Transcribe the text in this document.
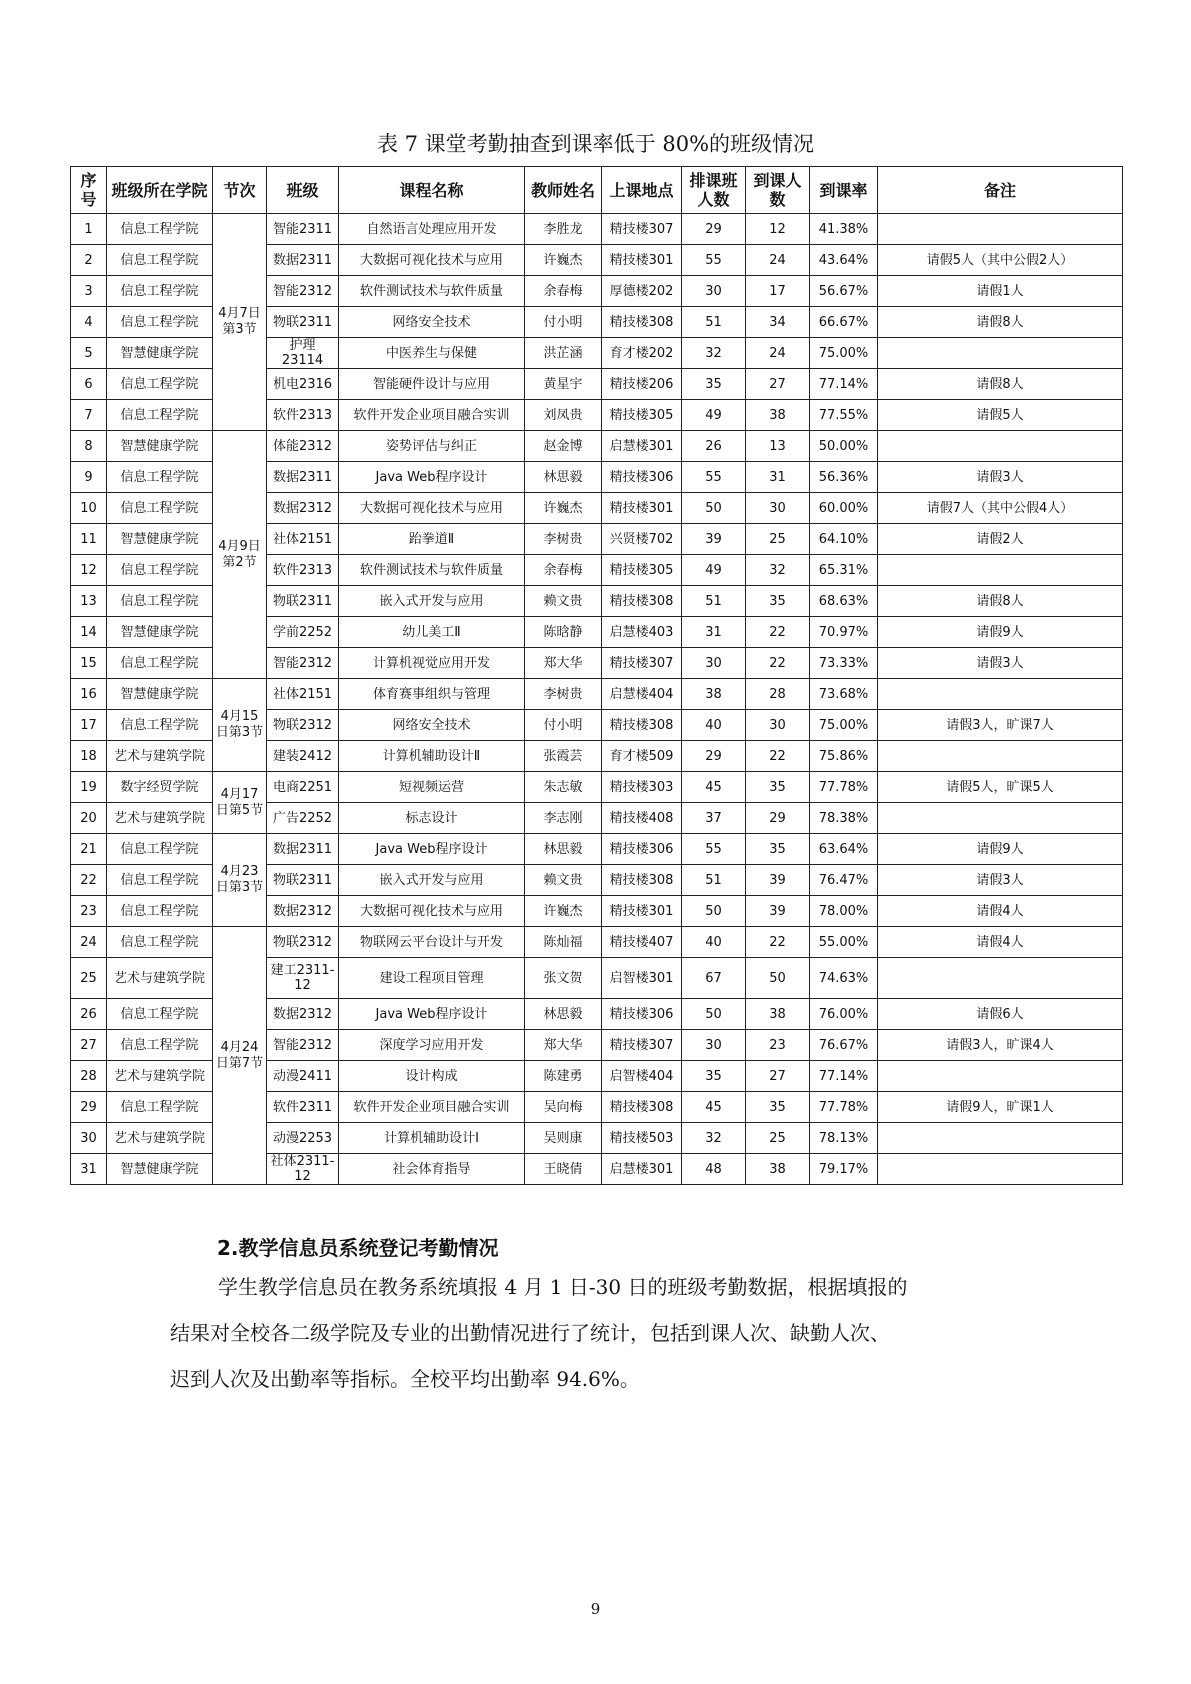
表 7 课堂考勤抽查到课率低于 80%的班级情况
序号	班级所在学院	节次	班级	课程名称	教师姓名	上课地点	排课班人数	到课人数	到课率	备注
1	信息工程学院	4月7日第3节	智能2311	自然语言处理应用开发	李胜龙	精技楼307	29	12	41.38%	
2	信息工程学院		数据2311	大数据可视化技术与应用	许巍杰	精技楼301	55	24	43.64%	请假5人（其中公假2人）
3	信息工程学院		智能2312	软件测试技术与软件质量	余春梅	厚德楼202	30	17	56.67%	请假1人
4	信息工程学院		物联2311	网络安全技术	付小明	精技楼308	51	34	66.67%	请假8人
5	智慧健康学院		护理23114	中医养生与保健	洪芷涵	育才楼202	32	24	75.00%	
6	信息工程学院		机电2316	智能硬件设计与应用	黄星宇	精技楼206	35	27	77.14%	请假8人
7	信息工程学院		软件2313	软件开发企业项目融合实训	刘凤贵	精技楼305	49	38	77.55%	请假5人
8	智慧健康学院	4月9日第2节	体能2312	姿势评估与纠正	赵金博	启慧楼301	26	13	50.00%	
9	信息工程学院		数据2311	Java Web程序设计	林思毅	精技楼306	55	31	56.36%	请假3人
10	信息工程学院		数据2312	大数据可视化技术与应用	许巍杰	精技楼301	50	30	60.00%	请假7人（其中公假4人）
11	智慧健康学院		社体2151	跆拳道Ⅱ	李树贵	兴贤楼702	39	25	64.10%	请假2人
12	信息工程学院		软件2313	软件测试技术与软件质量	余春梅	精技楼305	49	32	65.31%	
13	信息工程学院		物联2311	嵌入式开发与应用	赖文贵	精技楼308	51	35	68.63%	请假8人
14	智慧健康学院		学前2252	幼儿美工Ⅱ	陈晗静	启慧楼403	31	22	70.97%	请假9人
15	信息工程学院		智能2312	计算机视觉应用开发	郑大华	精技楼307	30	22	73.33%	请假3人
16	智慧健康学院	4月15日第3节	社体2151	体育赛事组织与管理	李树贵	启慧楼404	38	28	73.68%	
17	信息工程学院		物联2312	网络安全技术	付小明	精技楼308	40	30	75.00%	请假3人，旷课7人
18	艺术与建筑学院		建装2412	计算机辅助设计Ⅱ	张霞芸	育才楼509	29	22	75.86%	
19	数字经贸学院	4月17日第5节	电商2251	短视频运营	朱志敏	精技楼303	45	35	77.78%	请假5人，旷课5人
20	艺术与建筑学院		广告2252	标志设计	李志刚	精技楼408	37	29	78.38%	
21	信息工程学院	4月23日第3节	数据2311	Java Web程序设计	林思毅	精技楼306	55	35	63.64%	请假9人
22	信息工程学院		物联2311	嵌入式开发与应用	赖文贵	精技楼308	51	39	76.47%	请假3人
23	信息工程学院		数据2312	大数据可视化技术与应用	许巍杰	精技楼301	50	39	78.00%	请假4人
24	信息工程学院	4月24日第7节	物联2312	物联网云平台设计与开发	陈灿福	精技楼407	40	22	55.00%	请假4人
25	艺术与建筑学院		建工2311-12	建设工程项目管理	张文贺	启智楼301	67	50	74.63%	
26	信息工程学院		数据2312	Java Web程序设计	林思毅	精技楼306	50	38	76.00%	请假6人
27	信息工程学院		智能2312	深度学习应用开发	郑大华	精技楼307	30	23	76.67%	请假3人，旷课4人
28	艺术与建筑学院		动漫2411	设计构成	陈建勇	启智楼404	35	27	77.14%	
29	信息工程学院		软件2311	软件开发企业项目融合实训	吴向梅	精技楼308	45	35	77.78%	请假9人，旷课1人
30	艺术与建筑学院		动漫2253	计算机辅助设计Ⅰ	吴则康	精技楼503	32	25	78.13%	
31	智慧健康学院		社体2311-12	社会体育指导	王晓倩	启慧楼301	48	38	79.17%	
2.教学信息员系统登记考勤情况
学生教学信息员在教务系统填报 4 月 1 日-30 日的班级考勤数据，根据填报的
结果对全校各二级学院及专业的出勤情况进行了统计，包括到课人次、缺勤人次、
迟到人次及出勤率等指标。全校平均出勤率 94.6%。
9
